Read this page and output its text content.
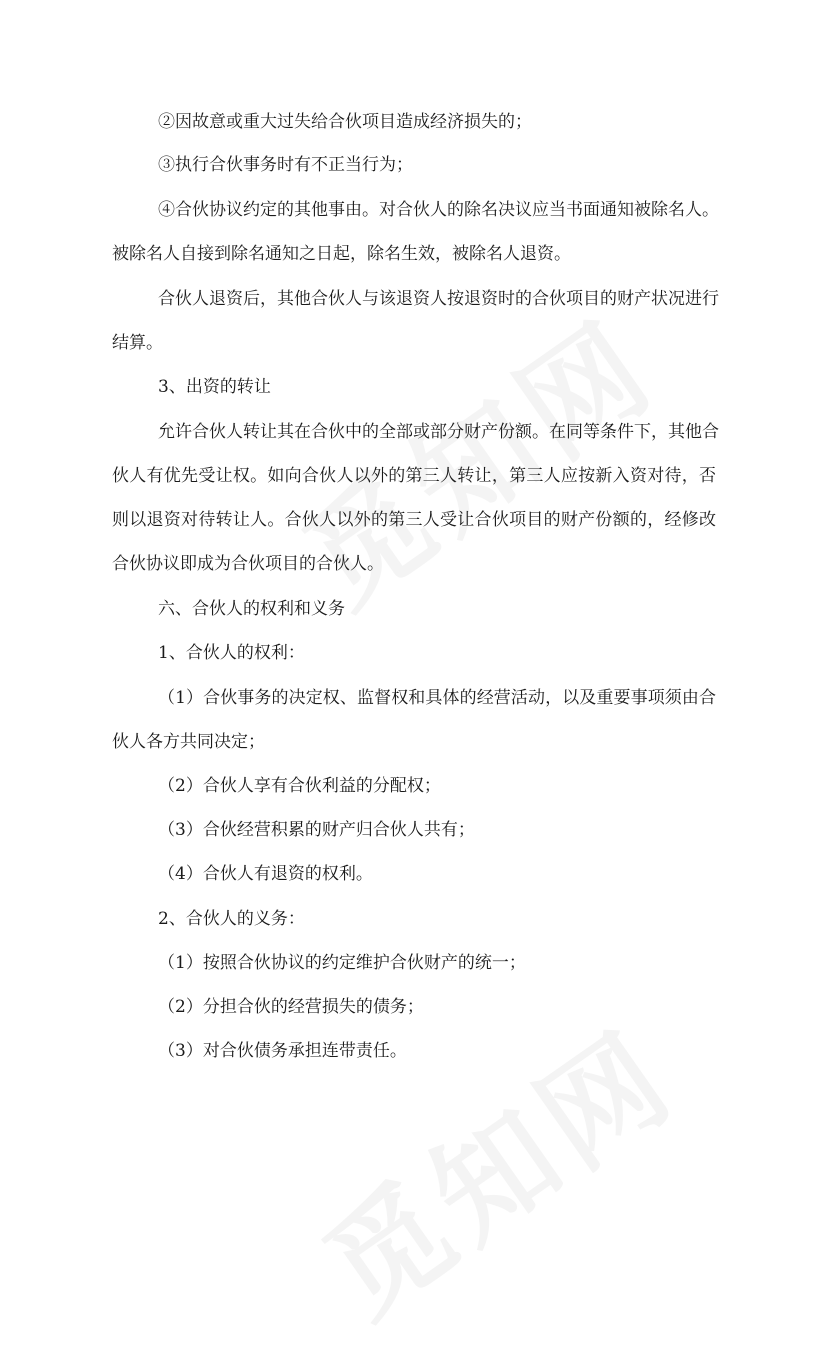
②因故意或重大过失给合伙项目造成经济损失的；
③执行合伙事务时有不正当行为；
④合伙协议约定的其他事由。对合伙人的除名决议应当书面通知被除名人。
被除名人自接到除名通知之日起，除名生效，被除名人退资。
合伙人退资后，其他合伙人与该退资人按退资时的合伙项目的财产状况进行
结算。
3、出资的转让
允许合伙人转让其在合伙中的全部或部分财产份额。在同等条件下，其他合
伙人有优先受让权。如向合伙人以外的第三人转让，第三人应按新入资对待，否
则以退资对待转让人。合伙人以外的第三人受让合伙项目的财产份额的，经修改
合伙协议即成为合伙项目的合伙人。
六、合伙人的权利和义务
1、合伙人的权利：
（1）合伙事务的决定权、监督权和具体的经营活动，以及重要事项须由合
伙人各方共同决定；
（2）合伙人享有合伙利益的分配权；
（3）合伙经营积累的财产归合伙人共有；
（4）合伙人有退资的权利。
2、合伙人的义务：
（1）按照合伙协议的约定维护合伙财产的统一；
（2）分担合伙的经营损失的债务；
（3）对合伙债务承担连带责任。
